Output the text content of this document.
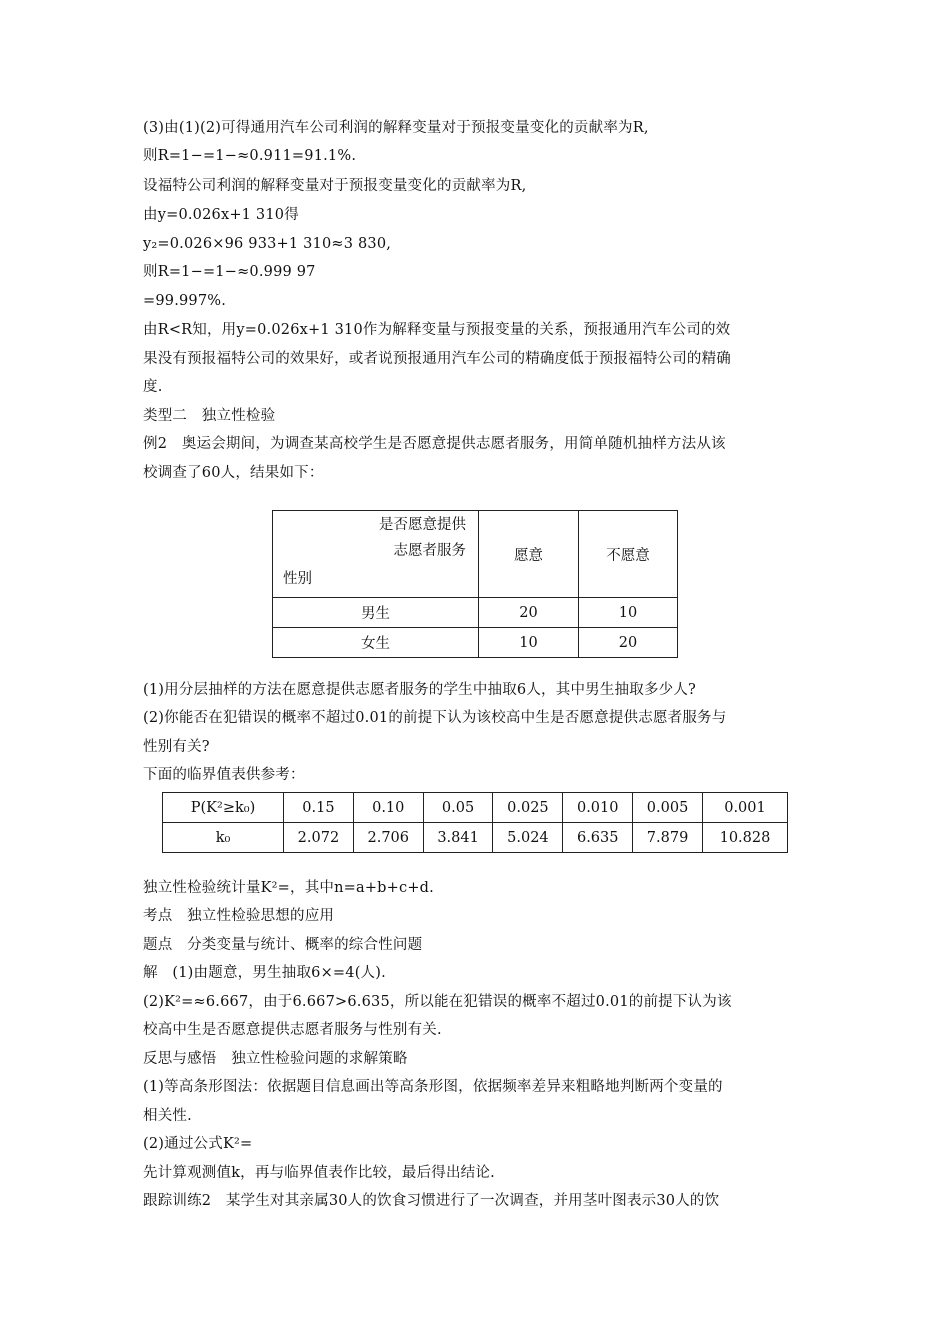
(3)由(1)(2)可得通用汽车公司利润的解释变量对于预报变量变化的贡献率为R,
则R=1−=1−≈0.911=91.1%.
设福特公司利润的解释变量对于预报变量变化的贡献率为R,
由y=0.026x+1 310得
y₂=0.026×96 933+1 310≈3 830,
则R=1−=1−≈0.999 97
=99.997%.
由R<R知，用y=0.026x+1 310作为解释变量与预报变量的关系，预报通用汽车公司的效
果没有预报福特公司的效果好，或者说预报通用汽车公司的精确度低于预报福特公司的精确
度.
类型二　独立性检验
例2　奥运会期间，为调查某高校学生是否愿意提供志愿者服务，用简单随机抽样方法从该
校调查了60人，结果如下：
是否愿意提供
志愿者服务
性别	愿意	不愿意
男生	20	10
女生	10	20
(1)用分层抽样的方法在愿意提供志愿者服务的学生中抽取6人，其中男生抽取多少人?
(2)你能否在犯错误的概率不超过0.01的前提下认为该校高中生是否愿意提供志愿者服务与
性别有关?
下面的临界值表供参考：
P(K²≥k₀)	0.15	0.10	0.05	0.025	0.010	0.005	0.001
k₀	2.072	2.706	3.841	5.024	6.635	7.879	10.828
独立性检验统计量K²=，其中n=a+b+c+d.
考点　独立性检验思想的应用
题点　分类变量与统计、概率的综合性问题
解　(1)由题意，男生抽取6×=4(人).
(2)K²=≈6.667，由于6.667>6.635，所以能在犯错误的概率不超过0.01的前提下认为该
校高中生是否愿意提供志愿者服务与性别有关.
反思与感悟　独立性检验问题的求解策略
(1)等高条形图法：依据题目信息画出等高条形图，依据频率差异来粗略地判断两个变量的
相关性.
(2)通过公式K²=
先计算观测值k，再与临界值表作比较，最后得出结论.
跟踪训练2　某学生对其亲属30人的饮食习惯进行了一次调查，并用茎叶图表示30人的饮
